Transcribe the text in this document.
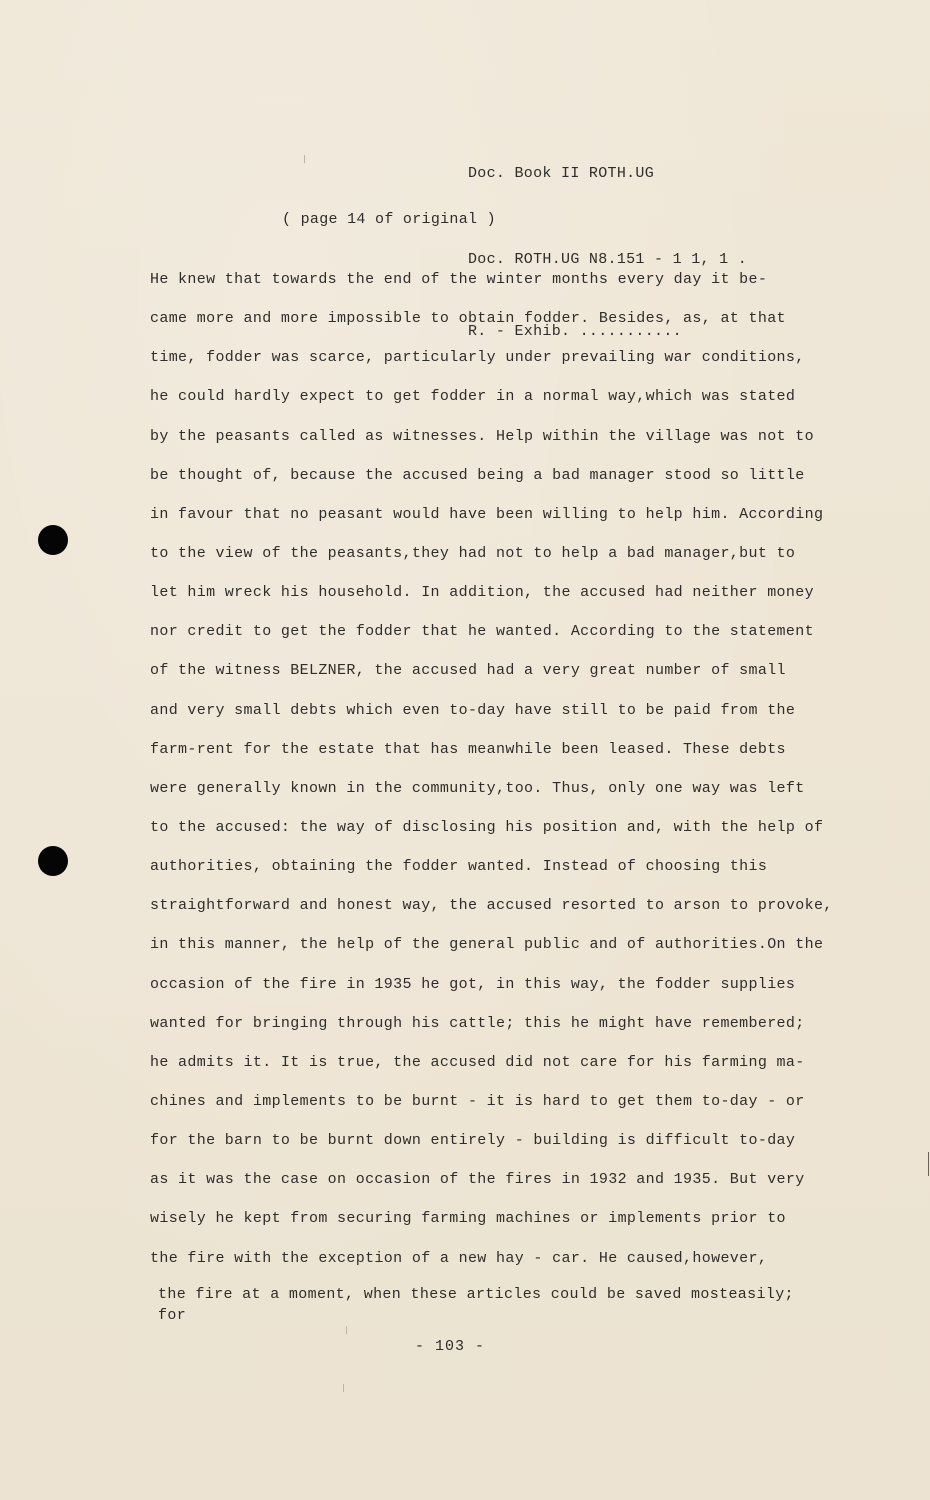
Doc. Book II ROTH.UG

Doc. ROTH.UG N8.151 - 1 1, 1 .

R. - Exhib. ...........

( page 14 of original )
He knew that towards the end of the winter months every day it be-
came more and more impossible to obtain fodder. Besides, as, at that
time, fodder was scarce, particularly under prevailing war conditions,
he could hardly expect to get fodder in a normal way,which was stated
by the peasants called as witnesses. Help within the village was not to
be thought of, because the accused being a bad manager stood so little
in favour that no peasant would have been willing to help him. According
to the view of the peasants,they had not to help a bad manager,but to
let him wreck his household. In addition, the accused had neither money
nor credit to get the fodder that he wanted. According to the statement
of the witness BELZNER, the accused had a very great number of small
and very small debts which even to-day have still to be paid from the
farm-rent for the estate that has meanwhile been leased. These debts
were generally known in the community,too. Thus, only one way was left
to the accused: the way of disclosing his position and, with the help of
authorities, obtaining the fodder wanted. Instead of choosing this
straightforward and honest way, the accused resorted to arson to provoke,
in this manner, the help of the general public and of authorities.On the
occasion of the fire in 1935 he got, in this way, the fodder supplies
wanted for bringing through his cattle; this he might have remembered;
he admits it. It is true, the accused did not care for his farming ma-
chines and implements to be burnt - it is hard to get them to-day - or
for the barn to be burnt down entirely - building is difficult to-day
as it was the case on occasion of the fires in 1932 and 1935. But very
wisely he kept from securing farming machines or implements prior to
the fire with the exception of a new hay - car. He caused,however,
the fire at a moment, when these articles could be saved mosteasily;
for
- 103 -
